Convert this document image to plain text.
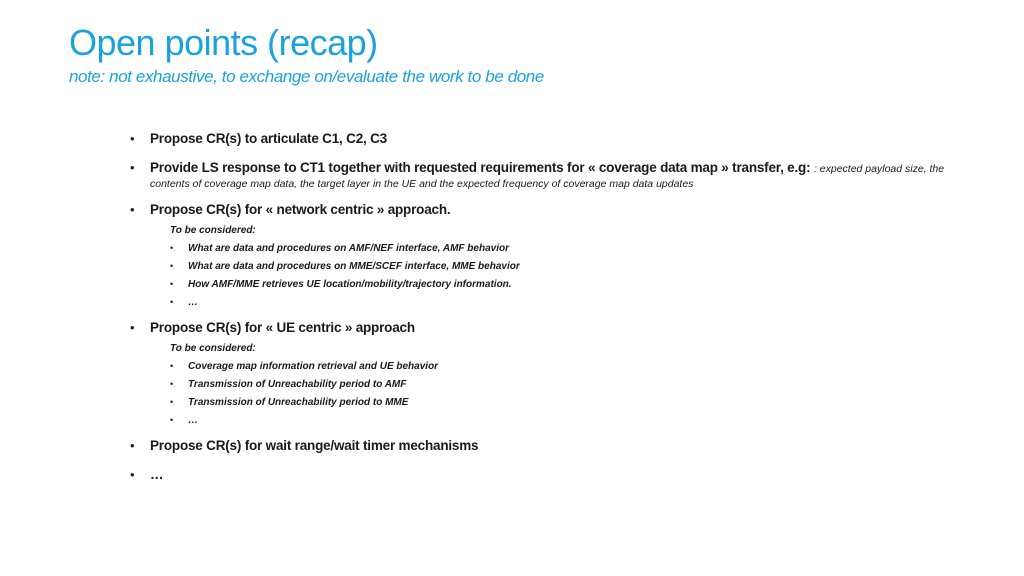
Open points (recap)
note: not exhaustive, to exchange on/evaluate the work to be done
• Propose CR(s) to articulate C1, C2, C3
• Provide LS response to CT1 together with requested requirements for « coverage data map » transfer, e.g: : expected payload size, the
contents of coverage map data, the target layer in the UE and the expected frequency of coverage map data updates
• Propose CR(s) for « network centric » approach.
To be considered:
• What are data and procedures on AMF/NEF interface, AMF behavior
• What are data and procedures on MME/SCEF interface, MME behavior
• How AMF/MME retrieves UE location/mobility/trajectory information.
• …
• Propose CR(s) for « UE centric » approach
To be considered:
• Coverage map information retrieval and UE behavior
• Transmission of Unreachability period to AMF
• Transmission of Unreachability period to MME
• …
• Propose CR(s) for wait range/wait timer mechanisms
• …
